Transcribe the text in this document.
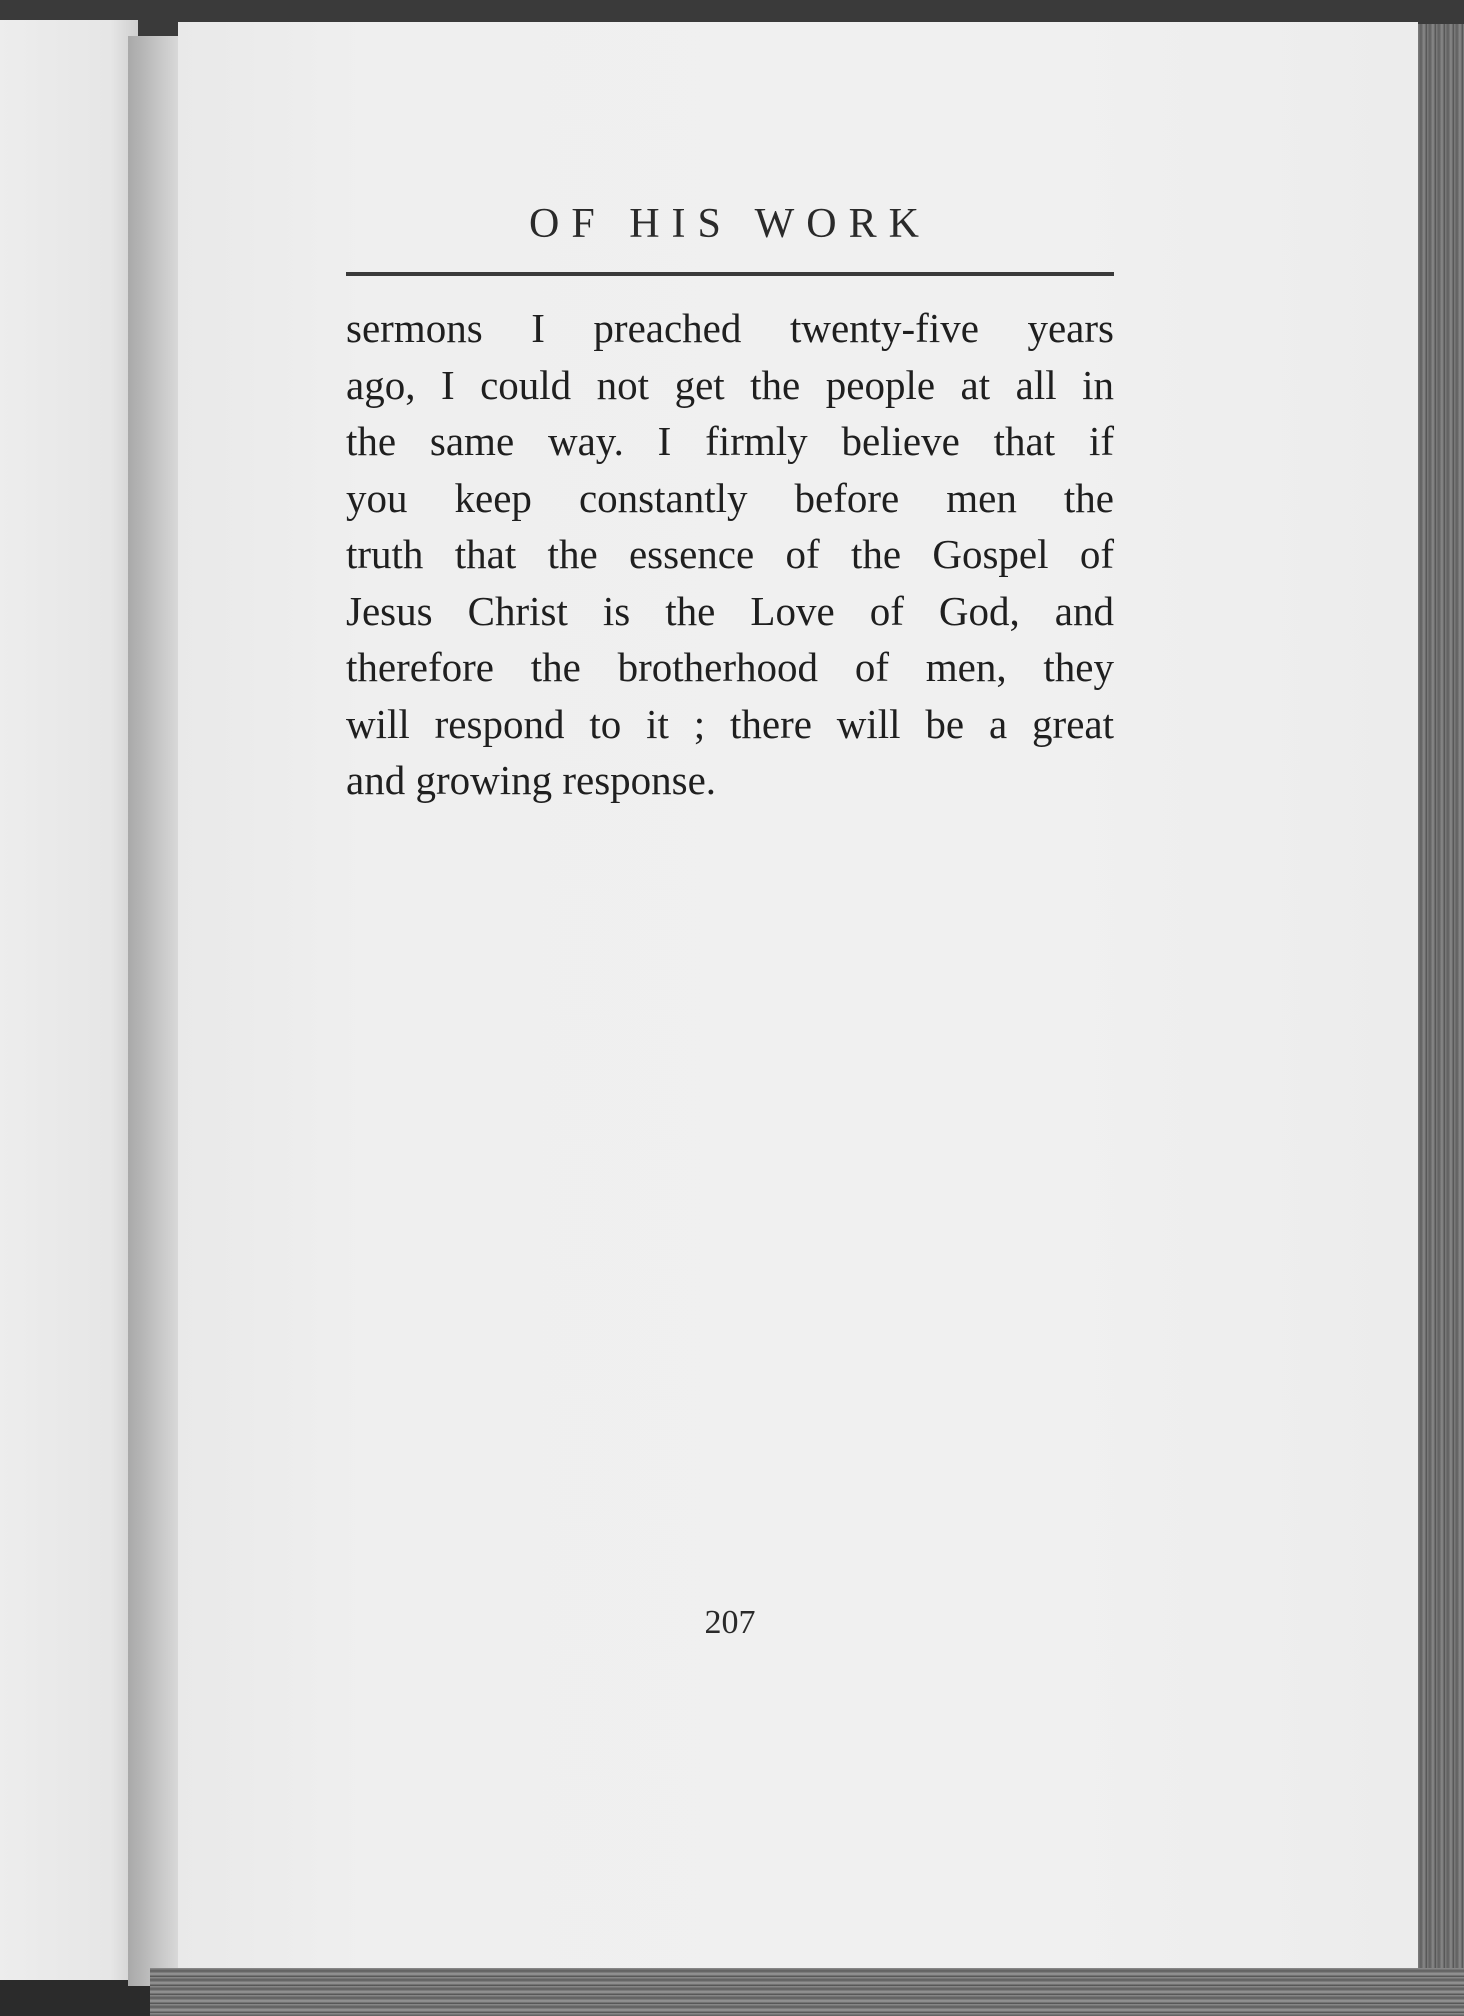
OF HIS WORK

sermons I preached twenty-five years
ago, I could not get the people at all in
the same way. I firmly believe that if
you keep constantly before men the
truth that the essence of the Gospel of
Jesus Christ is the Love of God, and
therefore the brotherhood of men, they
will respond to it ; there will be a great
and growing response.

207
